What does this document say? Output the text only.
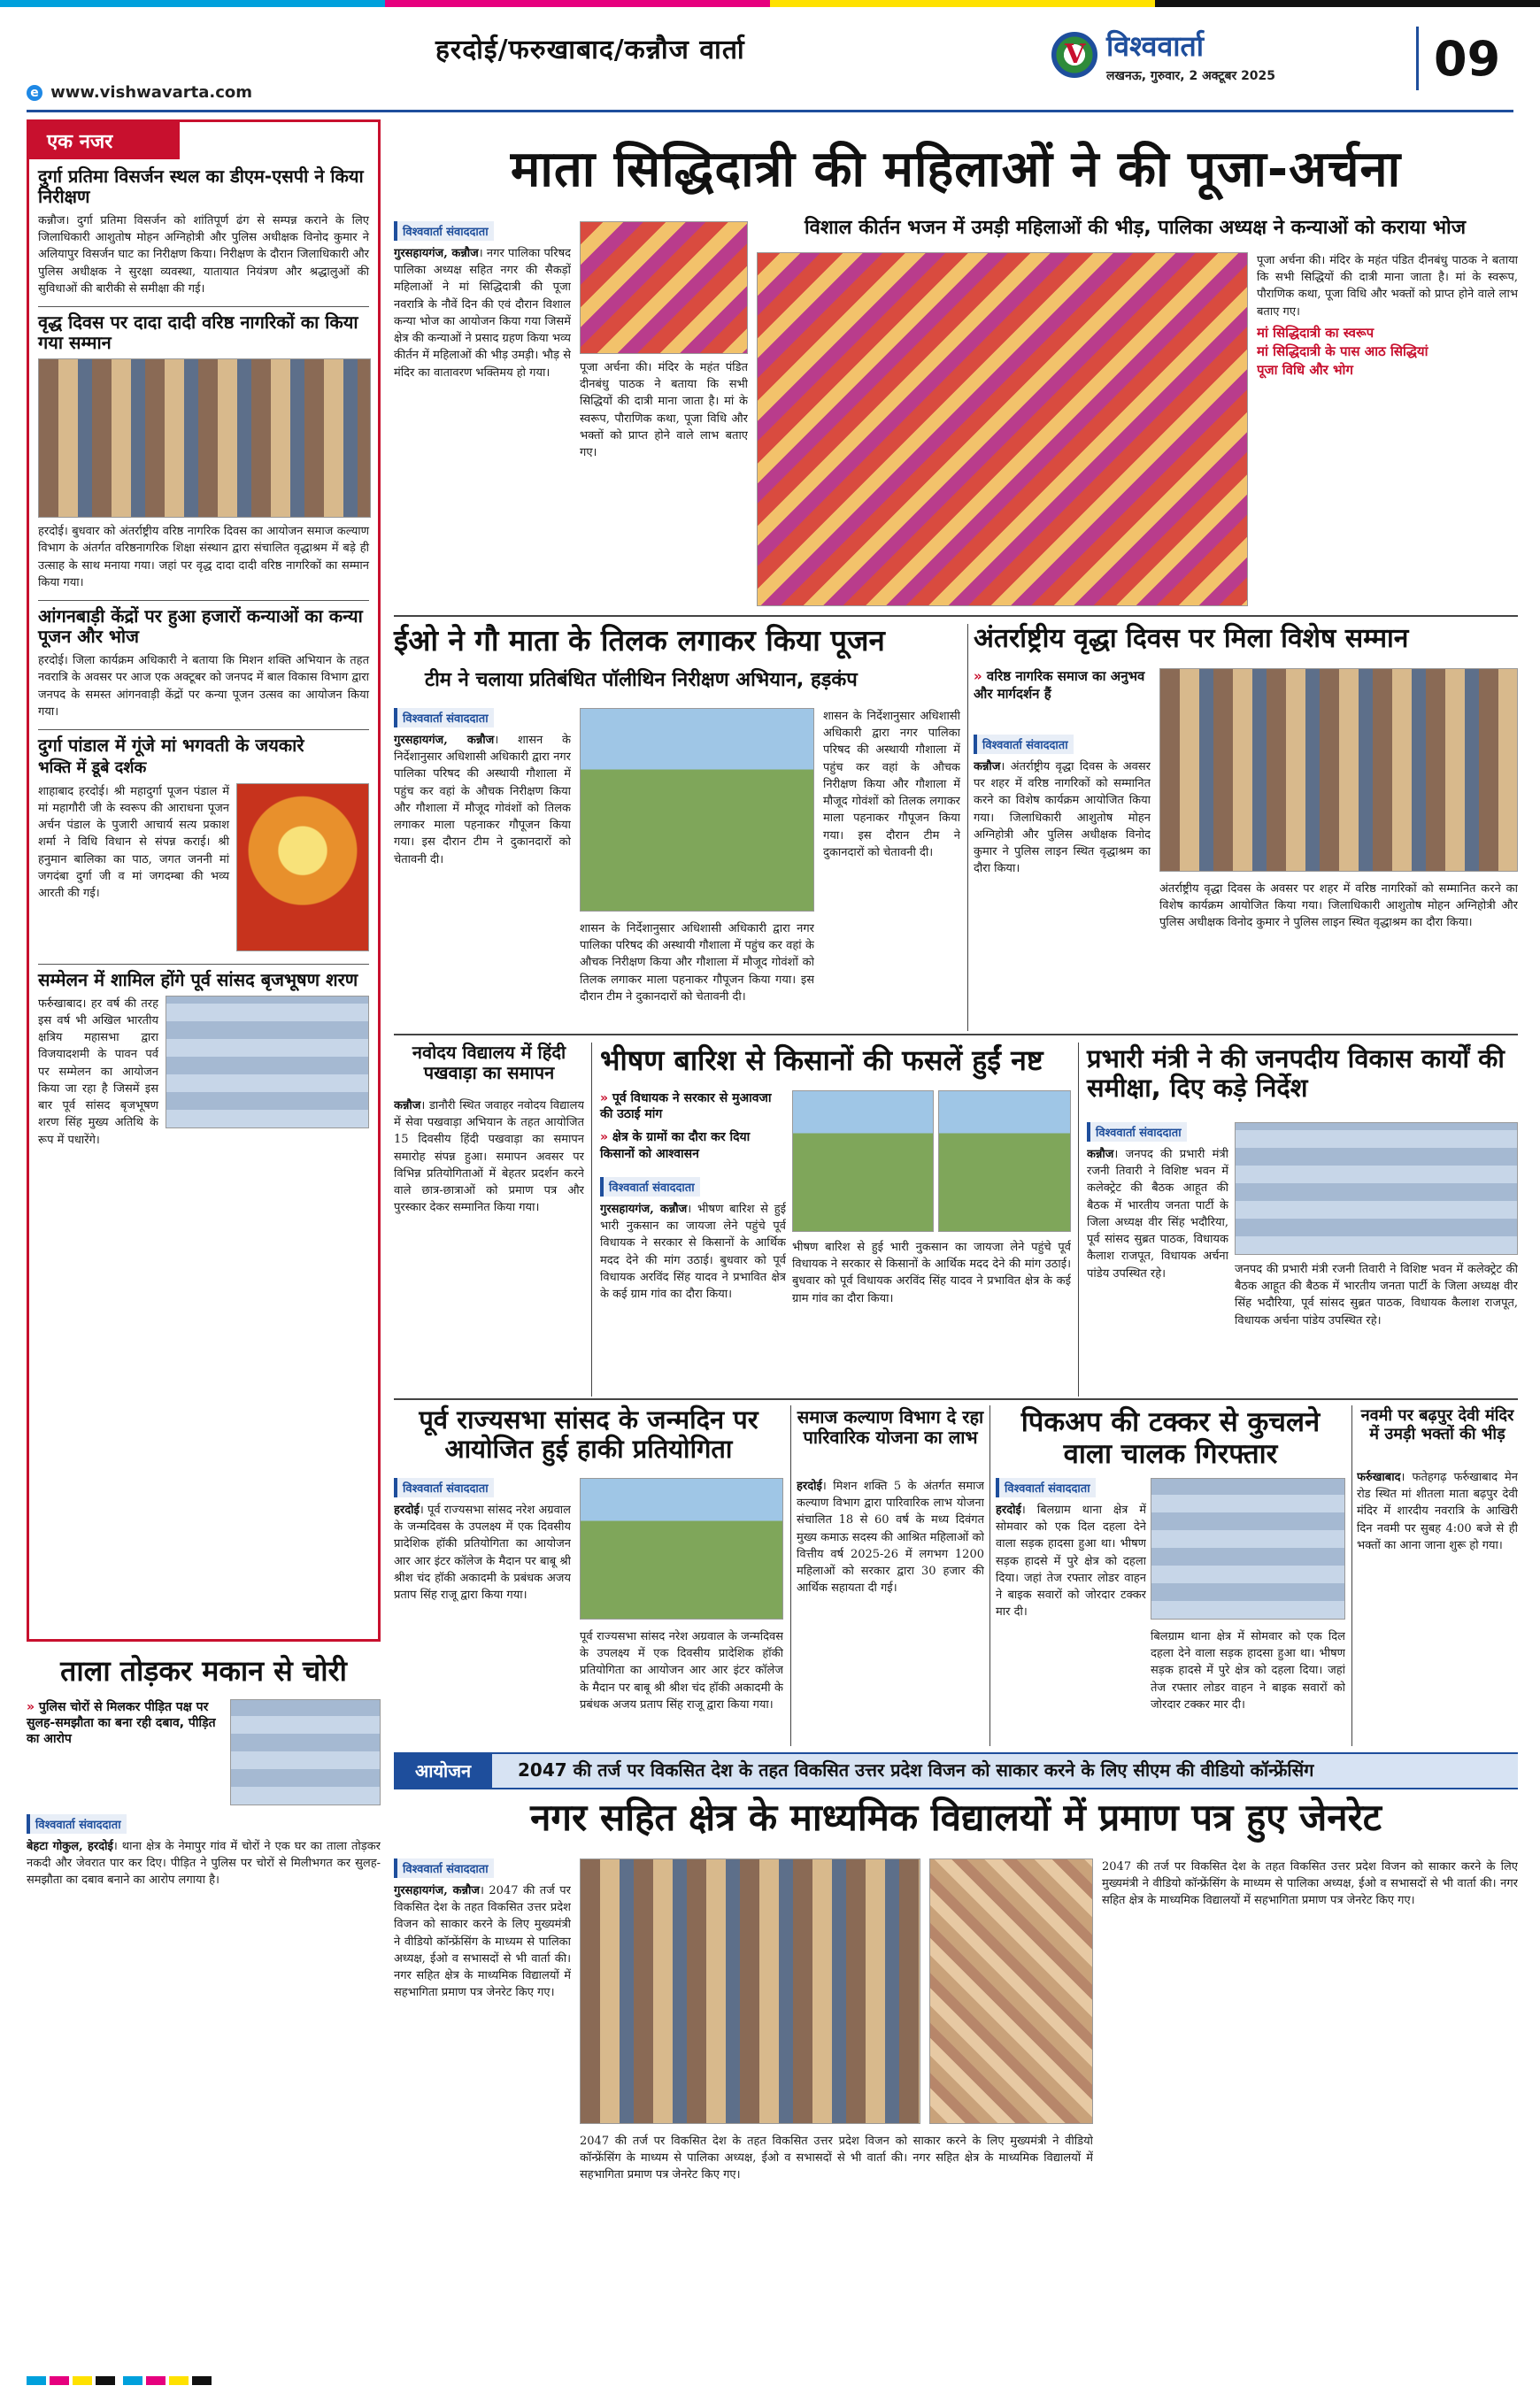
हरदोई/फरुखाबाद/कन्नौज वार्ता	V विश्ववार्ता
लखनऊ, गुरुवार, 2 अक्टूबर 2025	09
e www.vishwavarta.com
एक नजर
दुर्गा प्रतिमा विसर्जन स्थल का डीएम-एसपी ने किया निरीक्षण
कन्नौज। दुर्गा प्रतिमा विसर्जन को शांतिपूर्ण ढंग से सम्पन्न कराने के लिए जिलाधिकारी आशुतोष मोहन अग्निहोत्री और पुलिस अधीक्षक विनोद कुमार ने अलियापुर विसर्जन घाट का निरीक्षण किया। निरीक्षण के दौरान जिलाधिकारी और पुलिस अधीक्षक ने सुरक्षा व्यवस्था, यातायात नियंत्रण और श्रद्धालुओं की सुविधाओं की बारीकी से समीक्षा की गई।
वृद्ध दिवस पर दादा दादी वरिष्ठ नागरिकों का किया गया सम्मान
हरदोई। बुधवार को अंतर्राष्ट्रीय वरिष्ठ नागरिक दिवस का आयोजन समाज कल्याण विभाग के अंतर्गत वरिष्ठनागरिक शिक्षा संस्थान द्वारा संचालित वृद्धाश्रम में बड़े ही उत्साह के साथ मनाया गया। जहां पर वृद्ध दादा दादी वरिष्ठ नागरिकों का सम्मान किया गया।
आंगनबाड़ी केंद्रों पर हुआ हजारों कन्याओं का कन्या पूजन और भोज
हरदोई। जिला कार्यक्रम अधिकारी ने बताया कि मिशन शक्ति अभियान के तहत नवरात्रि के अवसर पर आज एक अक्टूबर को जनपद में बाल विकास विभाग द्वारा जनपद के समस्त आंगनवाड़ी केंद्रों पर कन्या पूजन उत्सव का आयोजन किया गया।
दुर्गा पांडाल में गूंजे मां भगवती के जयकारे
भक्ति में डूबे दर्शक
शाहाबाद हरदोई। श्री महादुर्गा पूजन पंडाल में मां महागौरी जी के स्वरूप की आराधना पूजन अर्चन पंडाल के पुजारी आचार्य सत्य प्रकाश शर्मा ने विधि विधान से संपन्न कराई। श्री हनुमान बालिका का पाठ, जगत जननी मां जगदंबा दुर्गा जी व मां जगदम्बा की भव्य आरती की गई।
सम्मेलन में शामिल होंगे पूर्व सांसद बृजभूषण शरण
फर्रुखाबाद। हर वर्ष की तरह इस वर्ष भी अखिल भारतीय क्षत्रिय महासभा द्वारा विजयादशमी के पावन पर्व पर सम्मेलन का आयोजन किया जा रहा है जिसमें इस बार पूर्व सांसद बृजभूषण शरण सिंह मुख्य अतिथि के रूप में पधारेंगे।
माता सिद्धिदात्री की महिलाओं ने की पूजा-अर्चना
विशाल कीर्तन भजन में उमड़ी महिलाओं की भीड़, पालिका अध्यक्ष ने कन्याओं को कराया भोज
विश्ववार्ता संवाददाता
गुरसहायगंज, कन्नौज। नगर पालिका परिषद पालिका अध्यक्ष सहित नगर की सैकड़ों महिलाओं ने मां सिद्धिदात्री की पूजा नवरात्रि के नौवें दिन की एवं दौरान विशाल कन्या भोज का आयोजन किया गया जिसमें क्षेत्र की कन्याओं ने प्रसाद ग्रहण किया भव्य कीर्तन में महिलाओं की भीड़ उमड़ी। भौड़ से मंदिर का वातावरण भक्तिमय हो गया।	पूजा अर्चना की। मंदिर के महंत पंडित दीनबंधु पाठक ने बताया कि सभी सिद्धियों की दात्री माना जाता है। मां के स्वरूप, पौराणिक कथा, पूजा विधि और भक्तों को प्राप्त होने वाले लाभ बताए गए।
पूजा अर्चना की। मंदिर के महंत पंडित दीनबंधु पाठक ने बताया कि सभी सिद्धियों की दात्री माना जाता है। मां के स्वरूप, पौराणिक कथा, पूजा विधि और भक्तों को प्राप्त होने वाले लाभ बताए गए।
मां सिद्धिदात्री का स्वरूप
मां सिद्धिदात्री के पास आठ सिद्धियां
पूजा विधि और भोग
ईओ ने गौ माता के तिलक लगाकर किया पूजन
टीम ने चलाया प्रतिबंधित पॉलीथिन निरीक्षण अभियान, हड़कंप
विश्ववार्ता संवाददाता
गुरसहायगंज, कन्नौज। शासन के निर्देशानुसार अधिशासी अधिकारी द्वारा नगर पालिका परिषद की अस्थायी गौशाला में पहुंच कर वहां के औचक निरीक्षण किया और गौशाला में मौजूद गोवंशों को तिलक लगाकर माला पहनाकर गौपूजन किया गया। इस दौरान टीम ने दुकानदारों को चेतावनी दी।
शासन के निर्देशानुसार अधिशासी अधिकारी द्वारा नगर पालिका परिषद की अस्थायी गौशाला में पहुंच कर वहां के औचक निरीक्षण किया और गौशाला में मौजूद गोवंशों को तिलक लगाकर माला पहनाकर गौपूजन किया गया। इस दौरान टीम ने दुकानदारों को चेतावनी दी।
शासन के निर्देशानुसार अधिशासी अधिकारी द्वारा नगर पालिका परिषद की अस्थायी गौशाला में पहुंच कर वहां के औचक निरीक्षण किया और गौशाला में मौजूद गोवंशों को तिलक लगाकर माला पहनाकर गौपूजन किया गया। इस दौरान टीम ने दुकानदारों को चेतावनी दी।
अंतर्राष्ट्रीय वृद्धा दिवस पर मिला विशेष सम्मान
» वरिष्ठ नागरिक समाज का अनुभव और मार्गदर्शन हैं
विश्ववार्ता संवाददाता
कन्नौज। अंतर्राष्ट्रीय वृद्धा दिवस के अवसर पर शहर में वरिष्ठ नागरिकों को सम्मानित करने का विशेष कार्यक्रम आयोजित किया गया। जिलाधिकारी आशुतोष मोहन अग्निहोत्री और पुलिस अधीक्षक विनोद कुमार ने पुलिस लाइन स्थित वृद्धाश्रम का दौरा किया।
अंतर्राष्ट्रीय वृद्धा दिवस के अवसर पर शहर में वरिष्ठ नागरिकों को सम्मानित करने का विशेष कार्यक्रम आयोजित किया गया। जिलाधिकारी आशुतोष मोहन अग्निहोत्री और पुलिस अधीक्षक विनोद कुमार ने पुलिस लाइन स्थित वृद्धाश्रम का दौरा किया।
नवोदय विद्यालय में हिंदी पखवाड़ा का समापन
कन्नौज। डानौरी स्थित जवाहर नवोदय विद्यालय में सेवा पखवाड़ा अभियान के तहत आयोजित 15 दिवसीय हिंदी पखवाड़ा का समापन समारोह संपन्न हुआ। समापन अवसर पर विभिन्न प्रतियोगिताओं में बेहतर प्रदर्शन करने वाले छात्र-छात्राओं को प्रमाण पत्र और पुरस्कार देकर सम्मानित किया गया।
भीषण बारिश से किसानों की फसलें हुईं नष्ट
» पूर्व विधायक ने सरकार से मुआवजा की उठाई मांग
» क्षेत्र के ग्रामों का दौरा कर दिया किसानों को आश्वासन
विश्ववार्ता संवाददाता
गुरसहायगंज, कन्नौज। भीषण बारिश से हुई भारी नुकसान का जायजा लेने पहुंचे पूर्व विधायक ने सरकार से किसानों के आर्थिक मदद देने की मांग उठाई। बुधवार को पूर्व विधायक अरविंद सिंह यादव ने प्रभावित क्षेत्र के कई ग्राम गांव का दौरा किया।
भीषण बारिश से हुई भारी नुकसान का जायजा लेने पहुंचे पूर्व विधायक ने सरकार से किसानों के आर्थिक मदद देने की मांग उठाई। बुधवार को पूर्व विधायक अरविंद सिंह यादव ने प्रभावित क्षेत्र के कई ग्राम गांव का दौरा किया।
प्रभारी मंत्री ने की जनपदीय विकास कार्यों की समीक्षा, दिए कड़े निर्देश
विश्ववार्ता संवाददाता
कन्नौज। जनपद की प्रभारी मंत्री रजनी तिवारी ने विशिष्ट भवन में कलेक्ट्रेट की बैठक आहूत की बैठक में भारतीय जनता पार्टी के जिला अध्यक्ष वीर सिंह भदौरिया, पूर्व सांसद सुब्रत पाठक, विधायक कैलाश राजपूत, विधायक अर्चना पांडेय उपस्थित रहे।	जनपद की प्रभारी मंत्री रजनी तिवारी ने विशिष्ट भवन में कलेक्ट्रेट की बैठक आहूत की बैठक में भारतीय जनता पार्टी के जिला अध्यक्ष वीर सिंह भदौरिया, पूर्व सांसद सुब्रत पाठक, विधायक कैलाश राजपूत, विधायक अर्चना पांडेय उपस्थित रहे।
पूर्व राज्यसभा सांसद के जन्मदिन पर आयोजित हुई हाकी प्रतियोगिता
विश्ववार्ता संवाददाता
हरदोई। पूर्व राज्यसभा सांसद नरेश अग्रवाल के जन्मदिवस के उपलक्ष्य में एक दिवसीय प्रादेशिक हॉकी प्रतियोगिता का आयोजन आर आर इंटर कॉलेज के मैदान पर बाबू श्री श्रीश चंद हॉकी अकादमी के प्रबंधक अजय प्रताप सिंह राजू द्वारा किया गया।
पूर्व राज्यसभा सांसद नरेश अग्रवाल के जन्मदिवस के उपलक्ष्य में एक दिवसीय प्रादेशिक हॉकी प्रतियोगिता का आयोजन आर आर इंटर कॉलेज के मैदान पर बाबू श्री श्रीश चंद हॉकी अकादमी के प्रबंधक अजय प्रताप सिंह राजू द्वारा किया गया।
समाज कल्याण विभाग दे रहा पारिवारिक योजना का लाभ
हरदोई। मिशन शक्ति 5 के अंतर्गत समाज कल्याण विभाग द्वारा पारिवारिक लाभ योजना संचालित 18 से 60 वर्ष के मध्य दिवंगत मुख्य कमाऊ सदस्य की आश्रित महिलाओं को वित्तीय वर्ष 2025-26 में लगभग 1200 महिलाओं को सरकार द्वारा 30 हजार की आर्थिक सहायता दी गई।
पिकअप की टक्कर से कुचलने वाला चालक गिरफ्तार
विश्ववार्ता संवाददाता
हरदोई। बिलग्राम थाना क्षेत्र में सोमवार को एक दिल दहला देने वाला सड़क हादसा हुआ था। भीषण सड़क हादसे में पुरे क्षेत्र को दहला दिया। जहां तेज रफ्तार लोडर वाहन ने बाइक सवारों को जोरदार टक्कर मार दी।
बिलग्राम थाना क्षेत्र में सोमवार को एक दिल दहला देने वाला सड़क हादसा हुआ था। भीषण सड़क हादसे में पुरे क्षेत्र को दहला दिया। जहां तेज रफ्तार लोडर वाहन ने बाइक सवारों को जोरदार टक्कर मार दी।
नवमी पर बढ़पुर देवी मंदिर में उमड़ी भक्तों की भीड़
फर्रुखाबाद। फतेहगढ़ फर्रुखाबाद मेन रोड स्थित मां शीतला माता बढ़पुर देवी मंदिर में शारदीय नवरात्रि के आखिरी दिन नवमी पर सुबह 4:00 बजे से ही भक्तों का आना जाना शुरू हो गया।
आयोजन	2047 की तर्ज पर विकसित देश के तहत विकसित उत्तर प्रदेश विजन को साकार करने के लिए सीएम की वीडियो कॉन्फ्रेंसिंग
ताला तोड़कर मकान से चोरी
» पुलिस चोरों से मिलकर पीड़ित पक्ष पर सुलह-समझौता का बना रही दबाव, पीड़ित का आरोप
विश्ववार्ता संवाददाता
बेहटा गोकुल, हरदोई। थाना क्षेत्र के नेमापुर गांव में चोरों ने एक घर का ताला तोड़कर नकदी और जेवरात पार कर दिए। पीड़ित ने पुलिस पर चोरों से मिलीभगत कर सुलह-समझौता का दबाव बनाने का आरोप लगाया है।
नगर सहित क्षेत्र के माध्यमिक विद्यालयों में प्रमाण पत्र हुए जेनरेट
विश्ववार्ता संवाददाता
गुरसहायगंज, कन्नौज। 2047 की तर्ज पर विकसित देश के तहत विकसित उत्तर प्रदेश विजन को साकार करने के लिए मुख्यमंत्री ने वीडियो कॉन्फ्रेंसिंग के माध्यम से पालिका अध्यक्ष, ईओ व सभासदों से भी वार्ता की। नगर सहित क्षेत्र के माध्यमिक विद्यालयों में सहभागिता प्रमाण पत्र जेनरेट किए गए।
2047 की तर्ज पर विकसित देश के तहत विकसित उत्तर प्रदेश विजन को साकार करने के लिए मुख्यमंत्री ने वीडियो कॉन्फ्रेंसिंग के माध्यम से पालिका अध्यक्ष, ईओ व सभासदों से भी वार्ता की। नगर सहित क्षेत्र के माध्यमिक विद्यालयों में सहभागिता प्रमाण पत्र जेनरेट किए गए।
2047 की तर्ज पर विकसित देश के तहत विकसित उत्तर प्रदेश विजन को साकार करने के लिए मुख्यमंत्री ने वीडियो कॉन्फ्रेंसिंग के माध्यम से पालिका अध्यक्ष, ईओ व सभासदों से भी वार्ता की। नगर सहित क्षेत्र के माध्यमिक विद्यालयों में सहभागिता प्रमाण पत्र जेनरेट किए गए।
